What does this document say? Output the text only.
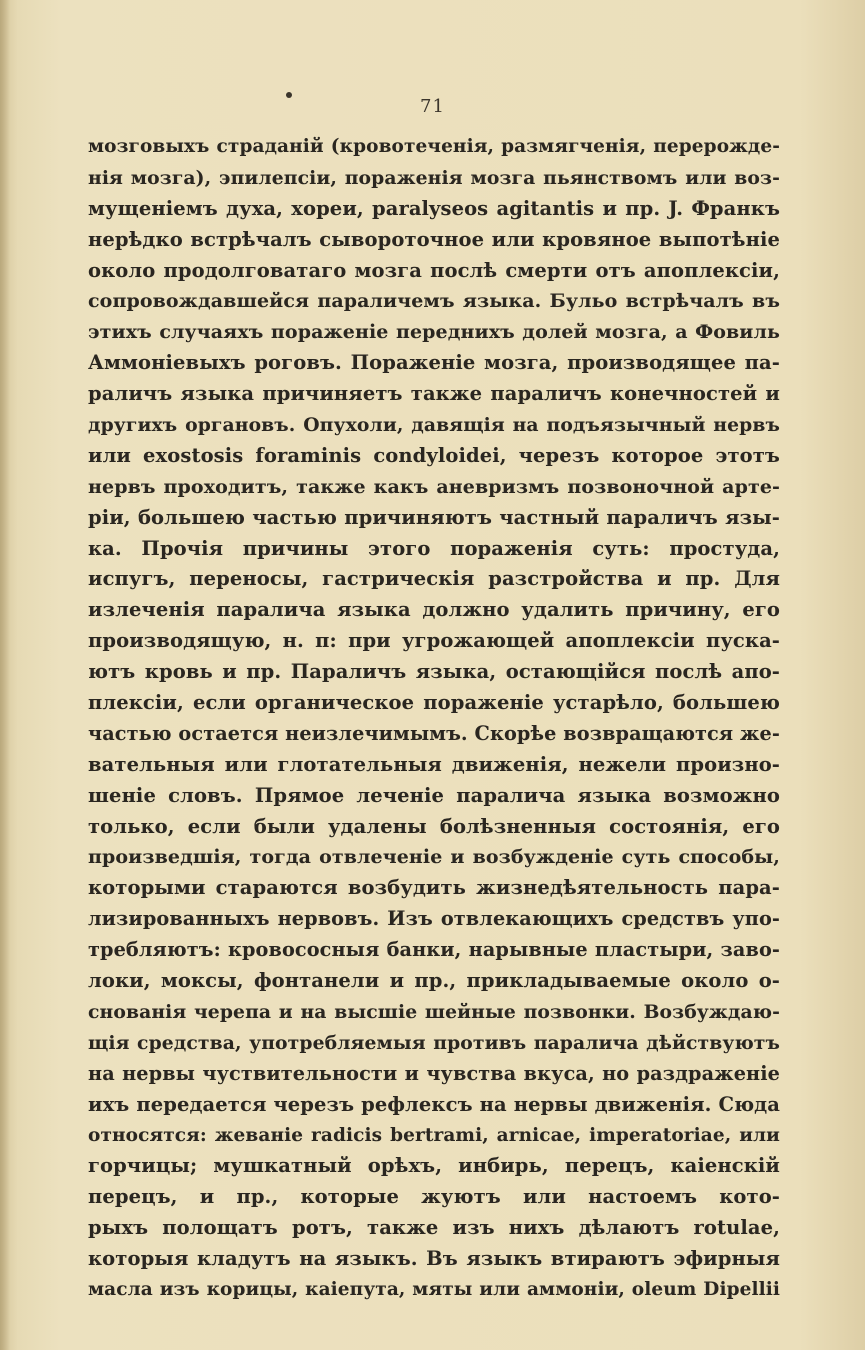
71
мозговыхъ страданій (кровотеченія, размягченія, перерожде-
нія мозга), эпилепсіи, пораженія мозга пьянствомъ или воз-
мущеніемъ духа, хореи, paralyseos agitantis и пр. J. Франкъ
нерѣдко встрѣчалъ сывороточное или кровяное выпотѣніе
около продолговатаго мозга послѣ смерти отъ апоплексіи,
сопровождавшейся параличемъ языка. Бульо встрѣчалъ въ
этихъ случаяхъ пораженіе переднихъ долей мозга, а Фовиль
Аммоніевыхъ роговъ. Пораженіе мозга, производящее па-
раличъ языка причиняетъ также параличъ конечностей и
другихъ органовъ. Опухоли, давящія на подъязычный нервъ
или exostosis foraminis condyloidei, черезъ которое этотъ
нервъ проходитъ, также какъ аневризмъ позвоночной арте-
ріи, большею частью причиняютъ частный параличъ язы-
ка. Прочія причины этого пораженія суть: простуда,
испугъ, переносы, гастрическія разстройства и пр. Для
излеченія паралича языка должно удалить причину, его
производящую, н. п: при угрожающей апоплексіи пуска-
ютъ кровь и пр. Параличъ языка, остающійся послѣ апо-
плексіи, если органическое пораженіе устарѣло, большею
частью остается неизлечимымъ. Скорѣе возвращаются же-
вательныя или глотательныя движенія, нежели произно-
шеніе словъ. Прямое леченіе паралича языка возможно
только, если были удалены болѣзненныя состоянія, его
произведшія, тогда отвлеченіе и возбужденіе суть способы,
которыми стараются возбудить жизнедѣятельность пара-
лизированныхъ нервовъ. Изъ отвлекающихъ средствъ упо-
требляютъ: кровососныя банки, нарывные пластыри, заво-
локи, моксы, фонтанели и пр., прикладываемые около о-
снованія черепа и на высшіе шейные позвонки. Возбуждаю-
щія средства, употребляемыя противъ паралича дѣйствуютъ
на нервы чуствительности и чувства вкуса, но раздраженіе
ихъ передается черезъ рефлексъ на нервы движенія. Сюда
относятся: жеваніе radicis bertrami, arnicae, imperatoriae, или
горчицы; мушкатный орѣхъ, инбирь, перецъ, каіенскій
перецъ, и пр., которые жуютъ или настоемъ кото-
рыхъ полощатъ ротъ, также изъ нихъ дѣлаютъ rotulae,
которыя кладутъ на языкъ. Въ языкъ втираютъ эфирныя
масла изъ корицы, каіепута, мяты или аммоніи, oleum Dipellii
